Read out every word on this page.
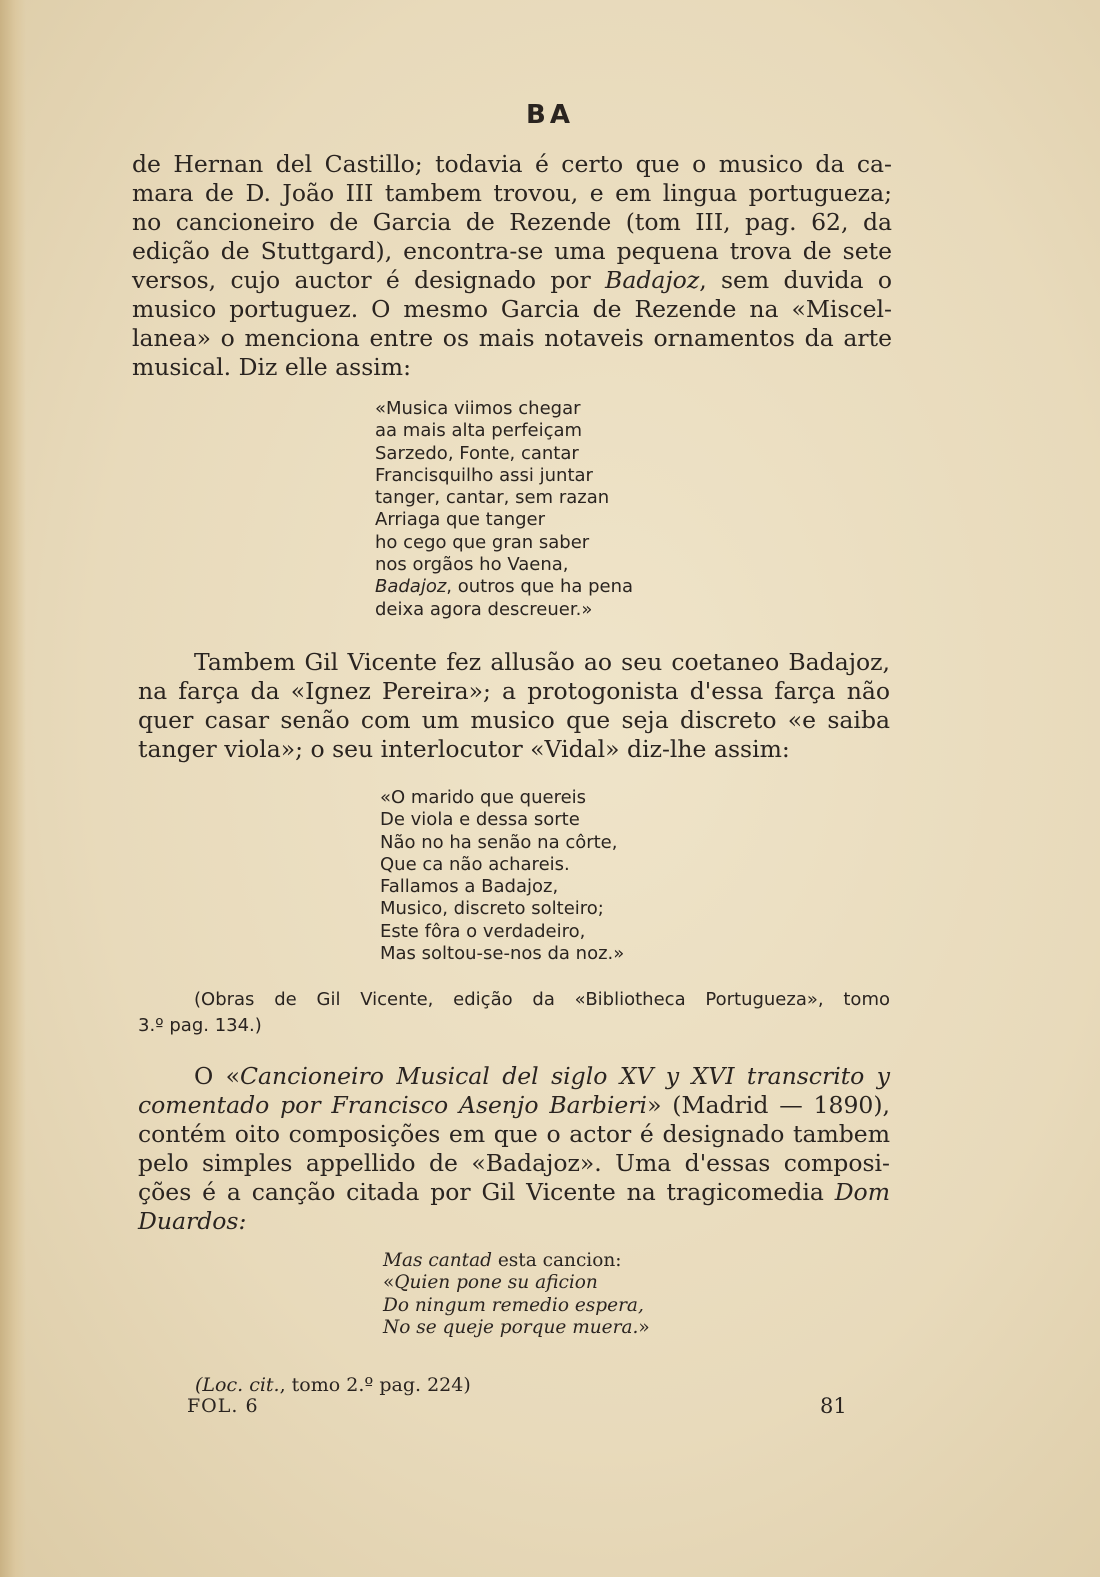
BA
de Hernan del Castillo; todavia é certo que o musico da ca-
mara de D. João III tambem trovou, e em lingua portugueza;
no cancioneiro de Garcia de Rezende (tom III, pag. 62, da
edição de Stuttgard), encontra-se uma pequena trova de sete
versos, cujo auctor é designado por Badajoz, sem duvida o
musico portuguez. O mesmo Garcia de Rezende na «Miscel-
lanea» o menciona entre os mais notaveis ornamentos da arte
musical. Diz elle assim:
«Musica viimos chegar
aa mais alta perfeiçam
Sarzedo, Fonte, cantar
Francisquilho assi juntar
tanger, cantar, sem razan
Arriaga que tanger
ho cego que gran saber
nos orgãos ho Vaena,
Badajoz, outros que ha pena
deixa agora descreuer.»
Tambem Gil Vicente fez allusão ao seu coetaneo Badajoz,
na farça da «Ignez Pereira»; a protogonista d'essa farça não
quer casar senão com um musico que seja discreto «e saiba
tanger viola»; o seu interlocutor «Vidal» diz-lhe assim:
«O marido que quereis
De viola e dessa sorte
Não no ha senão na côrte,
Que ca não achareis.
Fallamos a Badajoz,
Musico, discreto solteiro;
Este fôra o verdadeiro,
Mas soltou-se-nos da noz.»
(Obras de Gil Vicente, edição da «Bibliotheca Portugueza», tomo
3.º pag. 134.)
O «Cancioneiro Musical del siglo XV y XVI transcrito y
comentado por Francisco Asenjo Barbieri» (Madrid — 1890),
contém oito composições em que o actor é designado tambem
pelo simples appellido de «Badajoz». Uma d'essas composi-
ções é a canção citada por Gil Vicente na tragicomedia Dom
Duardos:
Mas cantad esta cancion:
«Quien pone su aficion
Do ningum remedio espera,
No se queje porque muera.»
(Loc. cit., tomo 2.º pag. 224)
FOL. 6	81
